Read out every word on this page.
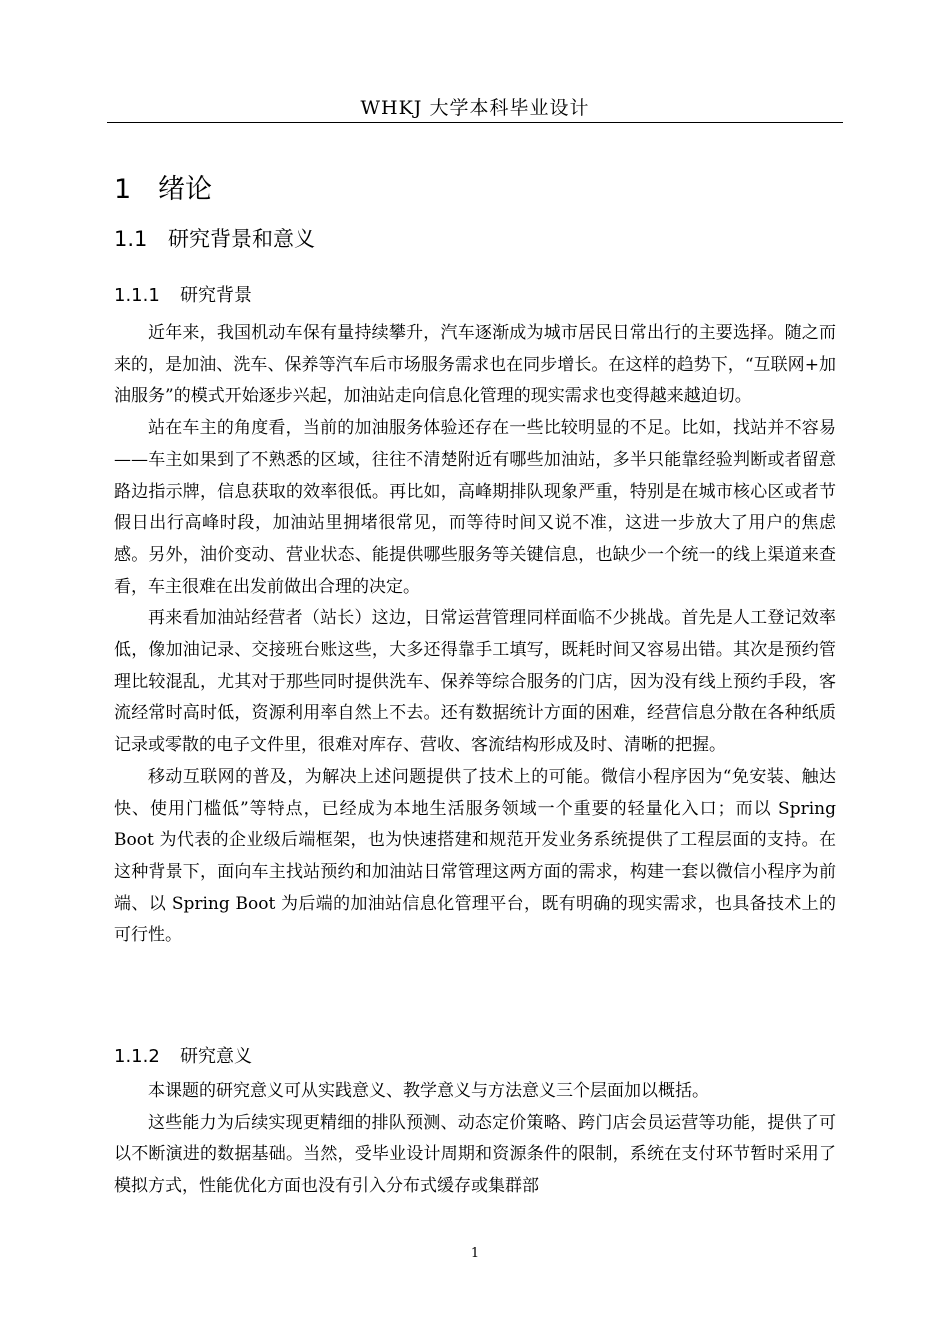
WHKJ 大学本科毕业设计
1 绪论
1.1 研究背景和意义
1.1.1 研究背景

近年来，我国机动车保有量持续攀升，汽车逐渐成为城市居民日常出行的主要选择。随之而来的，是加油、洗车、保养等汽车后市场服务需求也在同步增长。在这样的趋势下，“互联网+加油服务”的模式开始逐步兴起，加油站走向信息化管理的现实需求也变得越来越迫切。

站在车主的角度看，当前的加油服务体验还存在一些比较明显的不足。比如，找站并不容易——车主如果到了不熟悉的区域，往往不清楚附近有哪些加油站，多半只能靠经验判断或者留意路边指示牌，信息获取的效率很低。再比如，高峰期排队现象严重，特别是在城市核心区或者节假日出行高峰时段，加油站里拥堵很常见，而等待时间又说不准，这进一步放大了用户的焦虑感。另外，油价变动、营业状态、能提供哪些服务等关键信息，也缺少一个统一的线上渠道来查看，车主很难在出发前做出合理的决定。

再来看加油站经营者（站长）这边，日常运营管理同样面临不少挑战。首先是人工登记效率低，像加油记录、交接班台账这些，大多还得靠手工填写，既耗时间又容易出错。其次是预约管理比较混乱，尤其对于那些同时提供洗车、保养等综合服务的门店，因为没有线上预约手段，客流经常时高时低，资源利用率自然上不去。还有数据统计方面的困难，经营信息分散在各种纸质记录或零散的电子文件里，很难对库存、营收、客流结构形成及时、清晰的把握。

移动互联网的普及，为解决上述问题提供了技术上的可能。微信小程序因为“免安装、触达快、使用门槛低”等特点，已经成为本地生活服务领域一个重要的轻量化入口；而以 Spring Boot 为代表的企业级后端框架，也为快速搭建和规范开发业务系统提供了工程层面的支持。在这种背景下，面向车主找站预约和加油站日常管理这两方面的需求，构建一套以微信小程序为前端、以 Spring Boot 为后端的加油站信息化管理平台，既有明确的现实需求，也具备技术上的可行性。

1.1.2 研究意义

本课题的研究意义可从实践意义、教学意义与方法意义三个层面加以概括。

这些能力为后续实现更精细的排队预测、动态定价策略、跨门店会员运营等功能，提供了可以不断演进的数据基础。当然，受毕业设计周期和资源条件的限制，系统在支付环节暂时采用了模拟方式，性能优化方面也没有引入分布式缓存或集群部

1
